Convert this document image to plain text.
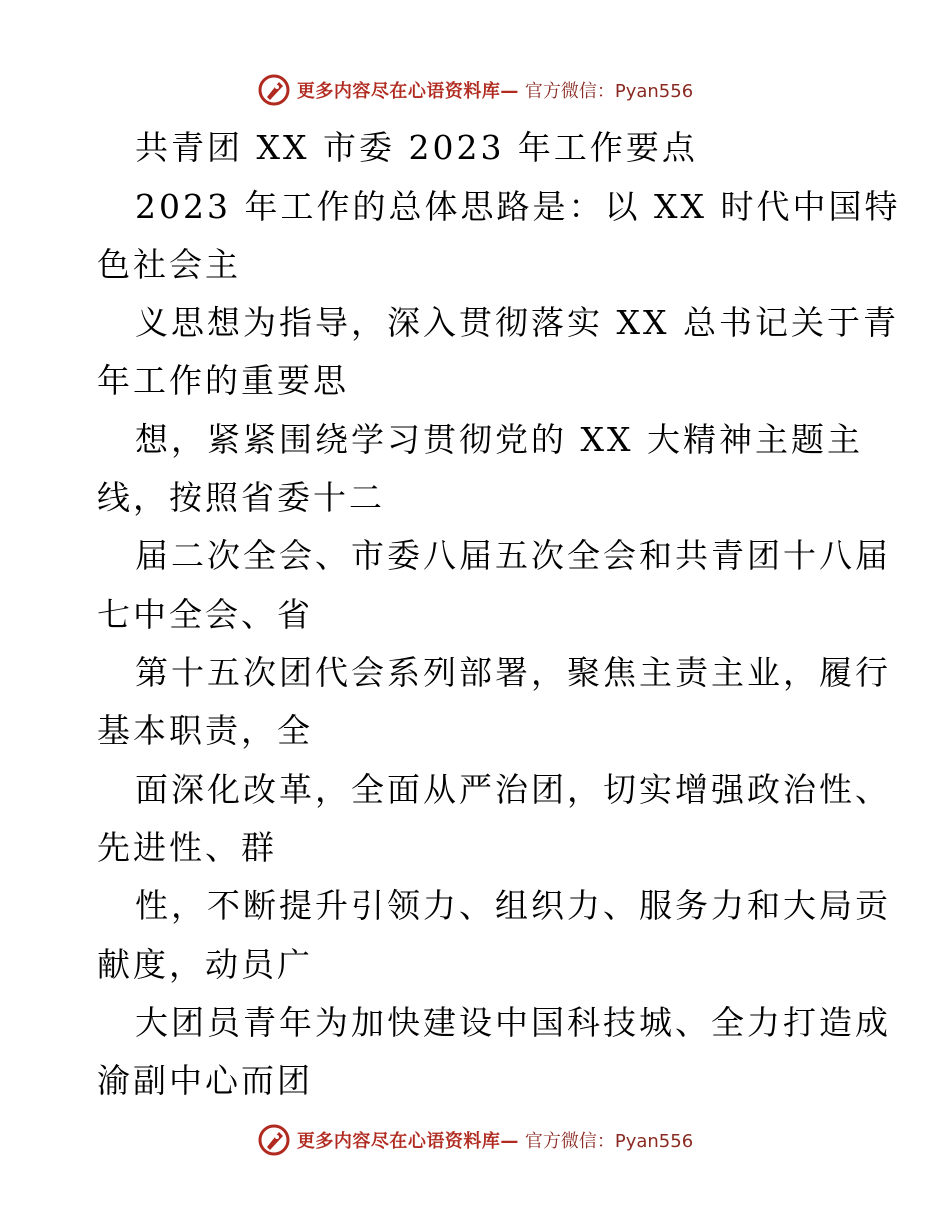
更多内容尽在心语资料库— 官方微信：Pyan556
共青团 XX 市委 2023 年工作要点
2023 年工作的总体思路是：以 XX 时代中国特
色社会主
义思想为指导，深入贯彻落实 XX 总书记关于青
年工作的重要思
想，紧紧围绕学习贯彻党的 XX 大精神主题主
线，按照省委十二
届二次全会、市委八届五次全会和共青团十八届
七中全会、省
第十五次团代会系列部署，聚焦主责主业，履行
基本职责，全
面深化改革，全面从严治团，切实增强政治性、
先进性、群
性，不断提升引领力、组织力、服务力和大局贡
献度，动员广
大团员青年为加快建设中国科技城、全力打造成
渝副中心而团
更多内容尽在心语资料库— 官方微信：Pyan556
